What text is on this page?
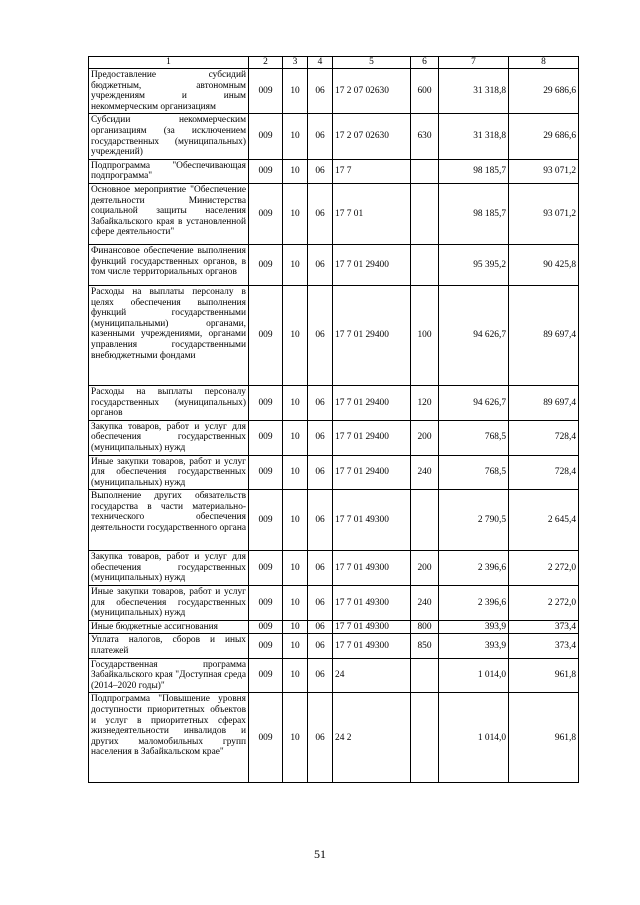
1	2	3	4	5	6	7	8
Предоставление субсидий бюджетным, автономным учреждениям и иным некоммерческим организациям	009	10	06	17 2 07 02630	600	31 318,8	29 686,6
Субсидии некоммерческим организациям (за исключением государственных (муниципальных) учреждений)	009	10	06	17 2 07 02630	630	31 318,8	29 686,6
Подпрограмма "Обеспечивающая подпрограмма"	009	10	06	17 7		98 185,7	93 071,2
Основное мероприятие "Обеспечение деятельности Министерства социальной защиты населения Забайкальского края в установленной сфере деятельности"	009	10	06	17 7 01		98 185,7	93 071,2
Финансовое обеспечение выполнения функций государственных органов, в том числе территориальных органов	009	10	06	17 7 01 29400		95 395,2	90 425,8
Расходы на выплаты персоналу в целях обеспечения выполнения функций государственными (муниципальными) органами, казенными учреждениями, органами управления государственными внебюджетными фондами	009	10	06	17 7 01 29400	100	94 626,7	89 697,4
Расходы на выплаты персоналу государственных (муниципальных) органов	009	10	06	17 7 01 29400	120	94 626,7	89 697,4
Закупка товаров, работ и услуг для обеспечения государственных (муниципальных) нужд	009	10	06	17 7 01 29400	200	768,5	728,4
Иные закупки товаров, работ и услуг для обеспечения государственных (муниципальных) нужд	009	10	06	17 7 01 29400	240	768,5	728,4
Выполнение других обязательств государства в части материально-технического обеспечения деятельности государственного органа	009	10	06	17 7 01 49300		2 790,5	2 645,4
Закупка товаров, работ и услуг для обеспечения государственных (муниципальных) нужд	009	10	06	17 7 01 49300	200	2 396,6	2 272,0
Иные закупки товаров, работ и услуг для обеспечения государственных (муниципальных) нужд	009	10	06	17 7 01 49300	240	2 396,6	2 272,0
Иные бюджетные ассигнования	009	10	06	17 7 01 49300	800	393,9	373,4
Уплата налогов, сборов и иных платежей	009	10	06	17 7 01 49300	850	393,9	373,4
Государственная программа Забайкальского края "Доступная среда (2014–2020 годы)"	009	10	06	24		1 014,0	961,8
Подпрограмма "Повышение уровня доступности приоритетных объектов и услуг в приоритетных сферах жизнедеятельности инвалидов и других маломобильных групп населения в Забайкальском крае"	009	10	06	24 2		1 014,0	961,8
51
